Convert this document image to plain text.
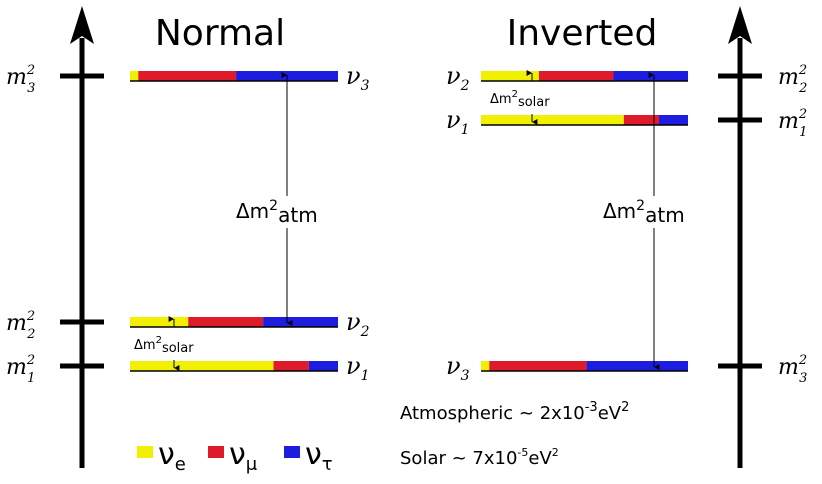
Normal	Inverted
$m^2$ 3
$m^2$ 2
$m^2$ 1
$\nu_3$
$\nu_2$
$\nu_1$
$\nu_2$
$\nu_1$
$\nu_3$
$m^2$ 2
$m^2$ 1
$m^2$ 3
$\Delta m^2atm$
$\Delta m^2solar$
$\Delta m^2atm$
$\Delta m^2solar$
$\nu_e$ $\nu_\mu$ $\nu_\tau$
Atmospheric ~ $2x10^{-3}eV^2$
Solar ~ $7x10^{-5}eV^2$
